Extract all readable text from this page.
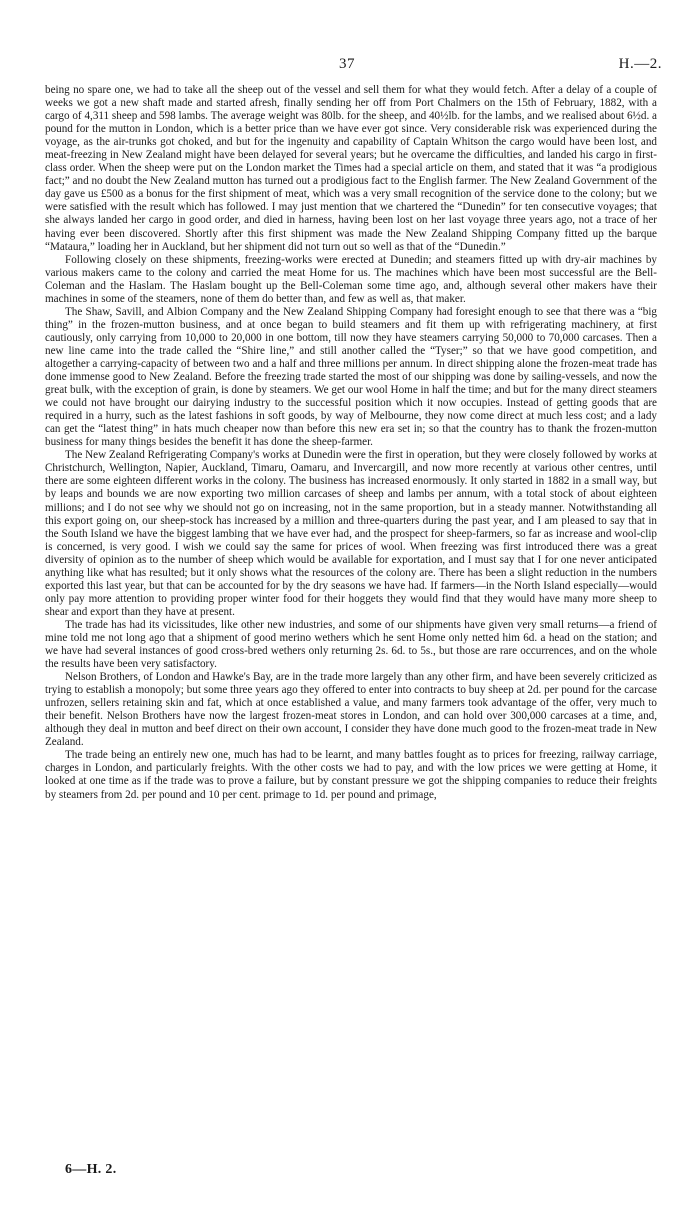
37	H.—2.

being no spare one, we had to take all the sheep out of the vessel and sell them for what they would fetch. After a delay of a couple of weeks we got a new shaft made and started afresh, finally sending her off from Port Chalmers on the 15th of February, 1882, with a cargo of 4,311 sheep and 598 lambs. The average weight was 80lb. for the sheep, and 40½lb. for the lambs, and we realised about 6½d. a pound for the mutton in London, which is a better price than we have ever got since. Very considerable risk was experienced during the voyage, as the air-trunks got choked, and but for the ingenuity and capability of Captain Whitson the cargo would have been lost, and meat-freezing in New Zealand might have been delayed for several years; but he overcame the difficulties, and landed his cargo in first-class order. When the sheep were put on the London market the Times had a special article on them, and stated that it was “a prodigious fact;” and no doubt the New Zealand mutton has turned out a prodigious fact to the English farmer. The New Zealand Government of the day gave us £500 as a bonus for the first shipment of meat, which was a very small recognition of the service done to the colony; but we were satisfied with the result which has followed. I may just mention that we chartered the “Dunedin” for ten consecutive voyages; that she always landed her cargo in good order, and died in harness, having been lost on her last voyage three years ago, not a trace of her having ever been discovered. Shortly after this first shipment was made the New Zealand Shipping Company fitted up the barque “Mataura,” loading her in Auckland, but her shipment did not turn out so well as that of the “Dunedin.”

Following closely on these shipments, freezing-works were erected at Dunedin; and steamers fitted up with dry-air machines by various makers came to the colony and carried the meat Home for us. The machines which have been most successful are the Bell-Coleman and the Haslam. The Haslam bought up the Bell-Coleman some time ago, and, although several other makers have their machines in some of the steamers, none of them do better than, and few as well as, that maker.

The Shaw, Savill, and Albion Company and the New Zealand Shipping Company had foresight enough to see that there was a “big thing” in the frozen-mutton business, and at once began to build steamers and fit them up with refrigerating machinery, at first cautiously, only carrying from 10,000 to 20,000 in one bottom, till now they have steamers carrying 50,000 to 70,000 carcases. Then a new line came into the trade called the “Shire line,” and still another called the “Tyser;” so that we have good competition, and altogether a carrying-capacity of between two and a half and three millions per annum. In direct shipping alone the frozen-meat trade has done immense good to New Zealand. Before the freezing trade started the most of our shipping was done by sailing-vessels, and now the great bulk, with the exception of grain, is done by steamers. We get our wool Home in half the time; and but for the many direct steamers we could not have brought our dairying industry to the successful position which it now occupies. Instead of getting goods that are required in a hurry, such as the latest fashions in soft goods, by way of Melbourne, they now come direct at much less cost; and a lady can get the “latest thing” in hats much cheaper now than before this new era set in; so that the country has to thank the frozen-mutton business for many things besides the benefit it has done the sheep-farmer.

The New Zealand Refrigerating Company's works at Dunedin were the first in operation, but they were closely followed by works at Christchurch, Wellington, Napier, Auckland, Timaru, Oamaru, and Invercargill, and now more recently at various other centres, until there are some eighteen different works in the colony. The business has increased enormously. It only started in 1882 in a small way, but by leaps and bounds we are now exporting two million carcases of sheep and lambs per annum, with a total stock of about eighteen millions; and I do not see why we should not go on increasing, not in the same proportion, but in a steady manner. Notwithstanding all this export going on, our sheep-stock has increased by a million and three-quarters during the past year, and I am pleased to say that in the South Island we have the biggest lambing that we have ever had, and the prospect for sheep-farmers, so far as increase and wool-clip is concerned, is very good. I wish we could say the same for prices of wool. When freezing was first introduced there was a great diversity of opinion as to the number of sheep which would be available for exportation, and I must say that I for one never anticipated anything like what has resulted; but it only shows what the resources of the colony are. There has been a slight reduction in the numbers exported this last year, but that can be accounted for by the dry seasons we have had. If farmers—in the North Island especially—would only pay more attention to providing proper winter food for their hoggets they would find that they would have many more sheep to shear and export than they have at present.

The trade has had its vicissitudes, like other new industries, and some of our shipments have given very small returns—a friend of mine told me not long ago that a shipment of good merino wethers which he sent Home only netted him 6d. a head on the station; and we have had several instances of good cross-bred wethers only returning 2s. 6d. to 5s., but those are rare occurrences, and on the whole the results have been very satisfactory.

Nelson Brothers, of London and Hawke's Bay, are in the trade more largely than any other firm, and have been severely criticized as trying to establish a monopoly; but some three years ago they offered to enter into contracts to buy sheep at 2d. per pound for the carcase unfrozen, sellers retaining skin and fat, which at once established a value, and many farmers took advantage of the offer, very much to their benefit. Nelson Brothers have now the largest frozen-meat stores in London, and can hold over 300,000 carcases at a time, and, although they deal in mutton and beef direct on their own account, I consider they have done much good to the frozen-meat trade in New Zealand.

The trade being an entirely new one, much has had to be learnt, and many battles fought as to prices for freezing, railway carriage, charges in London, and particularly freights. With the other costs we had to pay, and with the low prices we were getting at Home, it looked at one time as if the trade was to prove a failure, but by constant pressure we got the shipping companies to reduce their freights by steamers from 2d. per pound and 10 per cent. primage to 1d. per pound and primage,

6—H. 2.
